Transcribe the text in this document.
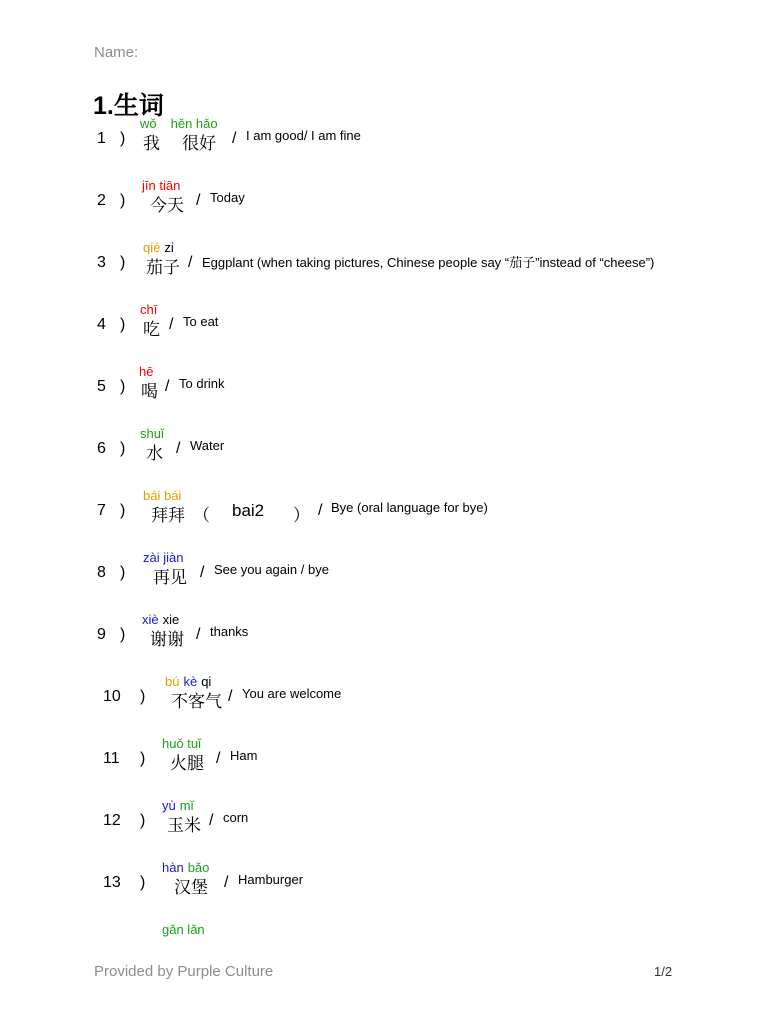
Name:
1.生词
1 )
wǒ hěn hǎo
我 很好 / I am good/ I am fine
2 )
jīn tiān
今天 / Today
3 )
qié zi
茄子 / Eggplant (when taking pictures, Chinese people say “茄子”instead of “cheese”)
4 )
chī
吃 / To eat
5 )
hē
喝 / To drink
6 )
shuǐ
水 / Water
7 )
bái bái
拜拜 （ bai2 ） / Bye (oral language for bye)
8 )
zài jiàn
再见 / See you again / bye
9 )
xiè xie
谢谢 / thanks
10 )
bú kè qi
不客气 / You are welcome
11 )
huǒ tuǐ
火腿 / Ham
12 )
yù mǐ
玉米 / corn
13 )
hàn bǎo
汉堡 / Hamburger
gǎn lǎn
Provided by Purple Culture	1/2
